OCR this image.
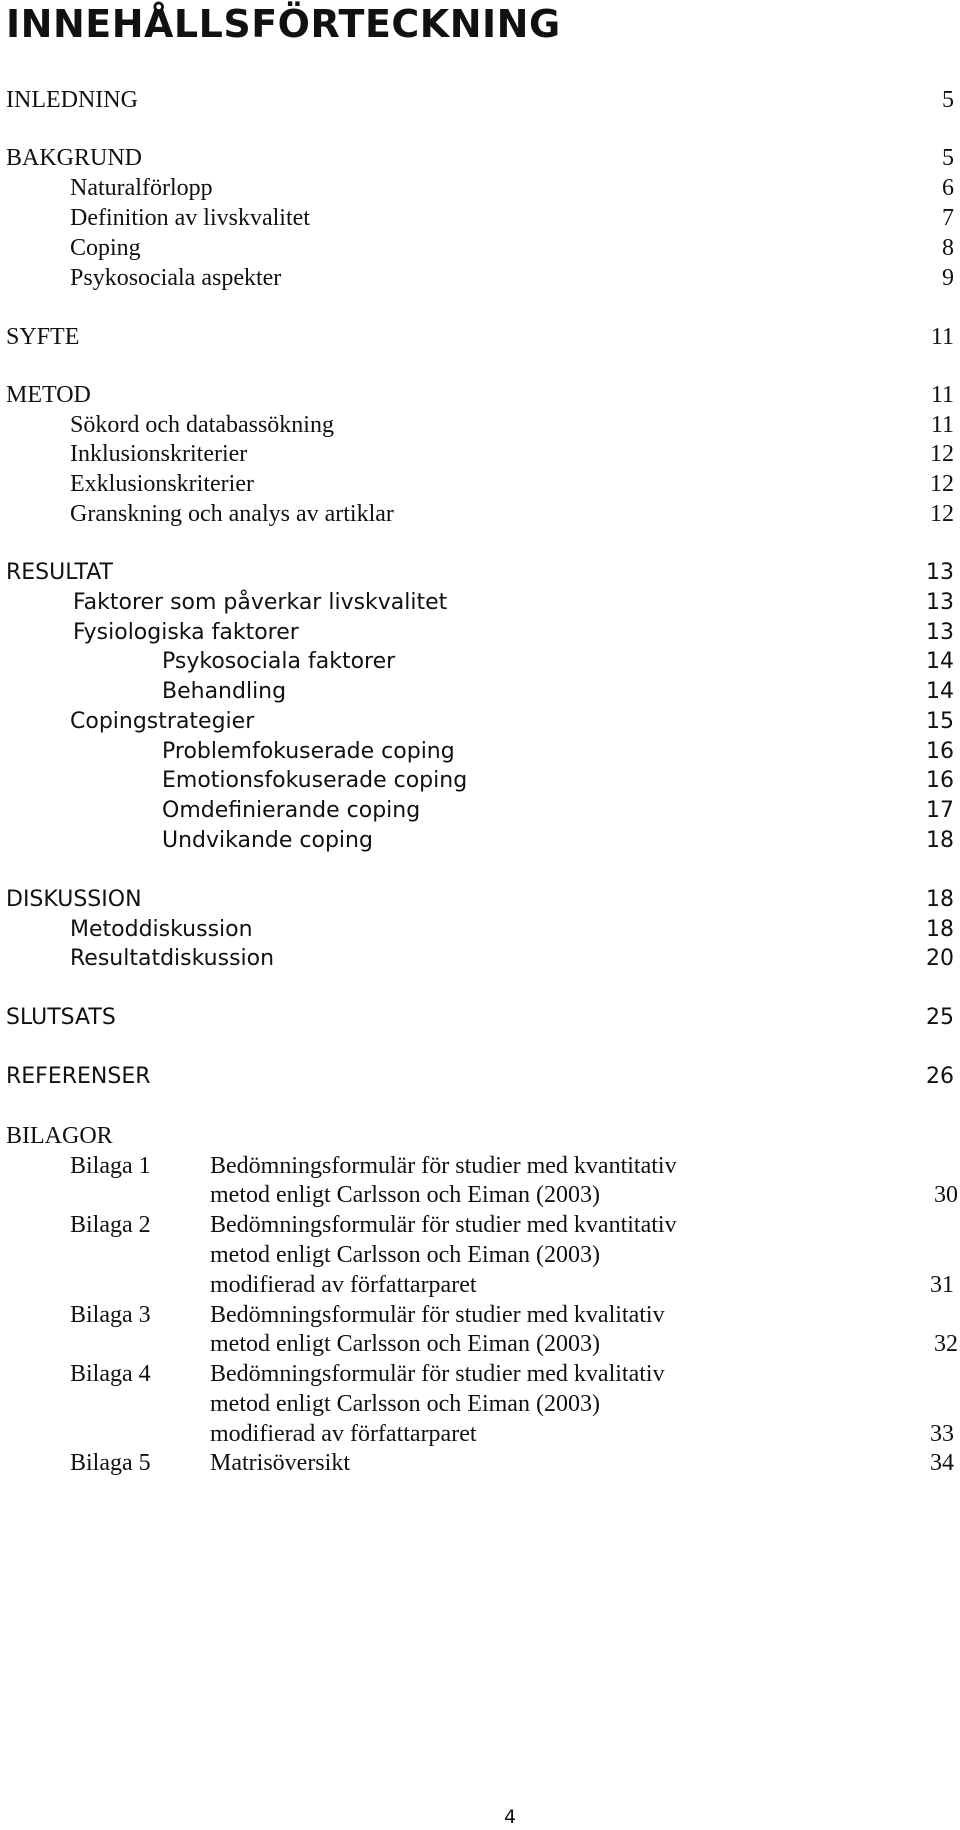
INNEHÅLLSFÖRTECKNING
INLEDNING	5
BAKGRUND	5
Naturalförlopp	6
Definition av livskvalitet	7
Coping	8
Psykosociala aspekter	9
SYFTE	11
METOD	11
Sökord och databassökning	11
Inklusionskriterier	12
Exklusionskriterier	12
Granskning och analys av artiklar	12
RESULTAT	13
Faktorer som påverkar livskvalitet	13
Fysiologiska faktorer	13
Psykosociala faktorer	14
Behandling	14
Copingstrategier	15
Problemfokuserade coping	16
Emotionsfokuserade coping	16
Omdefinierande coping	17
Undvikande coping	18
DISKUSSION	18
Metoddiskussion	18
Resultatdiskussion	20
SLUTSATS	25
REFERENSER	26
BILAGOR
Bilaga 1 Bedömningsformulär för studier med kvantitativ
metod enligt Carlsson och Eiman (2003)	30
Bilaga 2 Bedömningsformulär för studier med kvantitativ
metod enligt Carlsson och Eiman (2003)
modifierad av författarparet	31
Bilaga 3 Bedömningsformulär för studier med kvalitativ
metod enligt Carlsson och Eiman (2003)	32
Bilaga 4 Bedömningsformulär för studier med kvalitativ
metod enligt Carlsson och Eiman (2003)
modifierad av författarparet	33
Bilaga 5 Matrisöversikt	34
4
